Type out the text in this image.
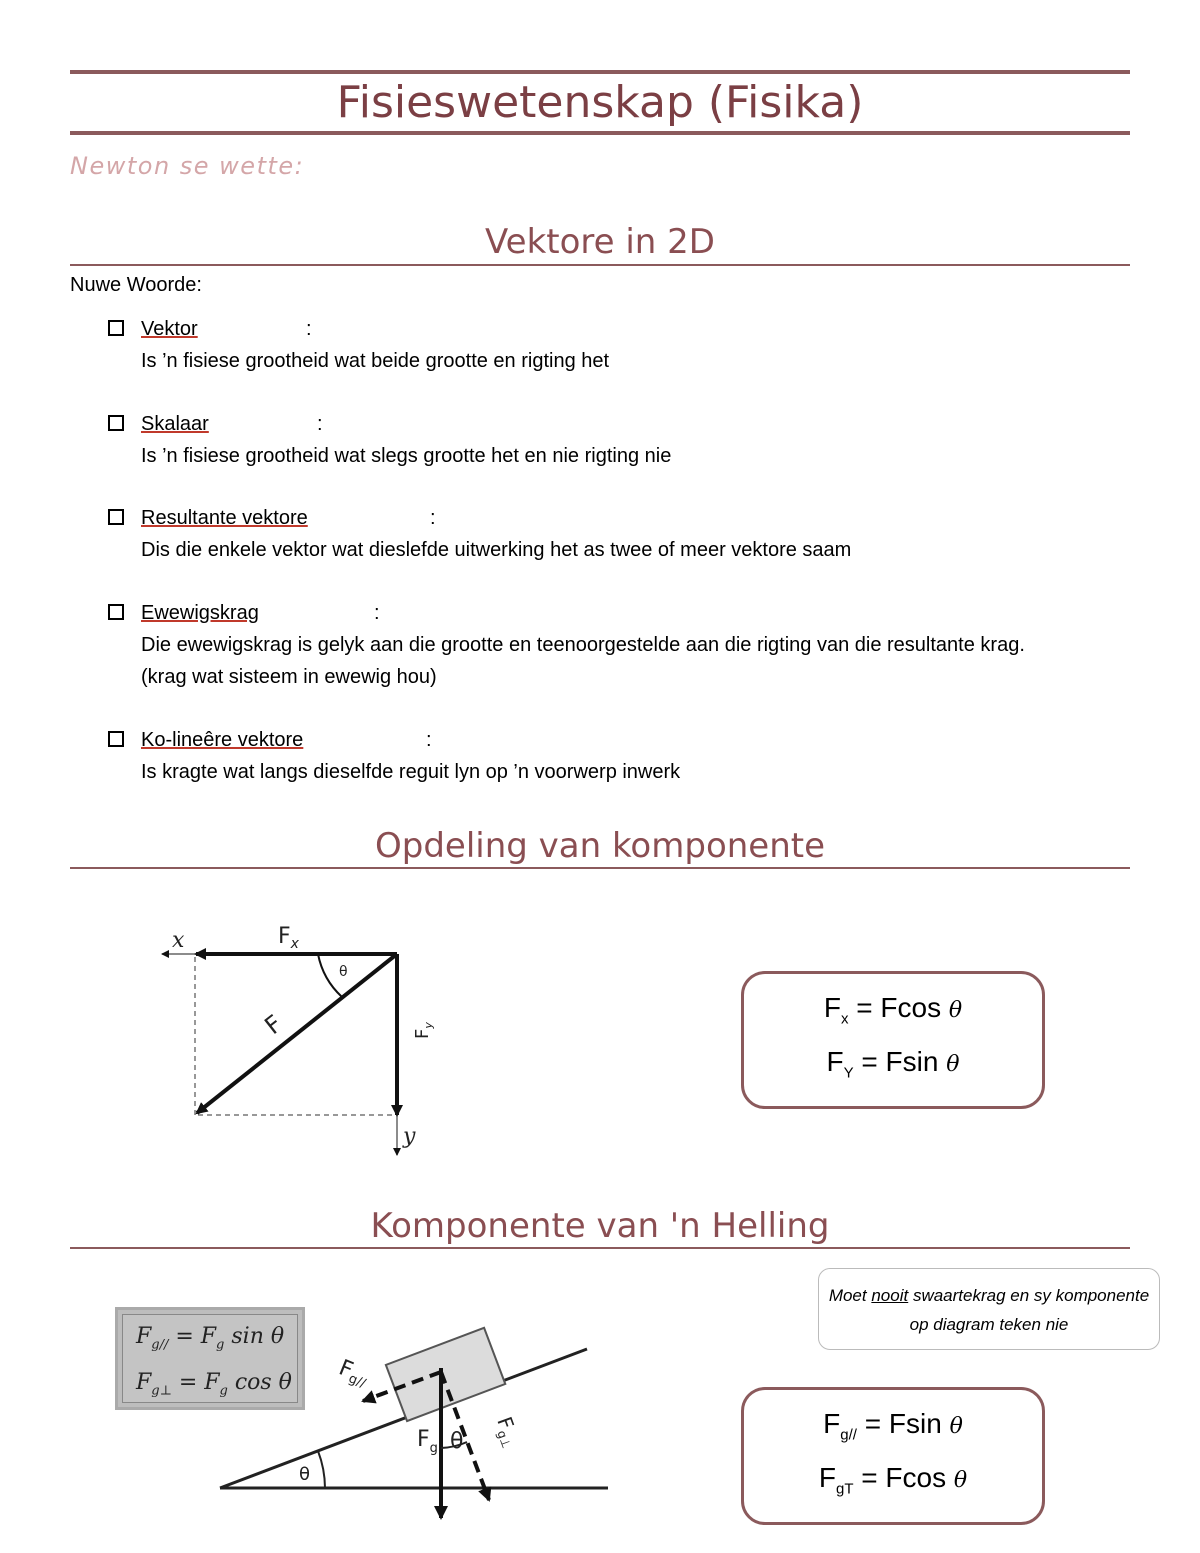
Fisieswetenskap (Fisika)
Newton se wette:
Vektore in 2D
Nuwe Woorde:
Vektor	:
Is ’n fisiese grootheid wat beide grootte en rigting het
Skalaar	:
Is ’n fisiese grootheid wat slegs grootte het en nie rigting nie
Resultante vektore	:
Dis die enkele vektor wat dieslefde uitwerking het as twee of meer vektore saam
Ewewigskrag	:
Die ewewigskrag is gelyk aan die grootte en teenoorgestelde aan die rigting van die resultante krag.
(krag wat sisteem in ewewig hou)
Ko-lineêre vektore	:
Is kragte wat langs dieselfde reguit lyn op ’n voorwerp inwerk
Opdeling van komponente
x
y
$F_x$
F	$F_y$
θ
$F_x = Fcos$ θ
$F_Y = Fsin$ θ
Komponente van 'n Helling
Moet nooit swaartekrag en sy komponente op diagram teken nie
$F_{g//} = F_g$ sin θ
$F_{g\perp} = F_g$ cos θ
θ
Fg//
$F_g$ θ
$F_{g\perp}$
$F_{g//} = Fsin$ θ
$F_{gT} = Fcos$ θ
